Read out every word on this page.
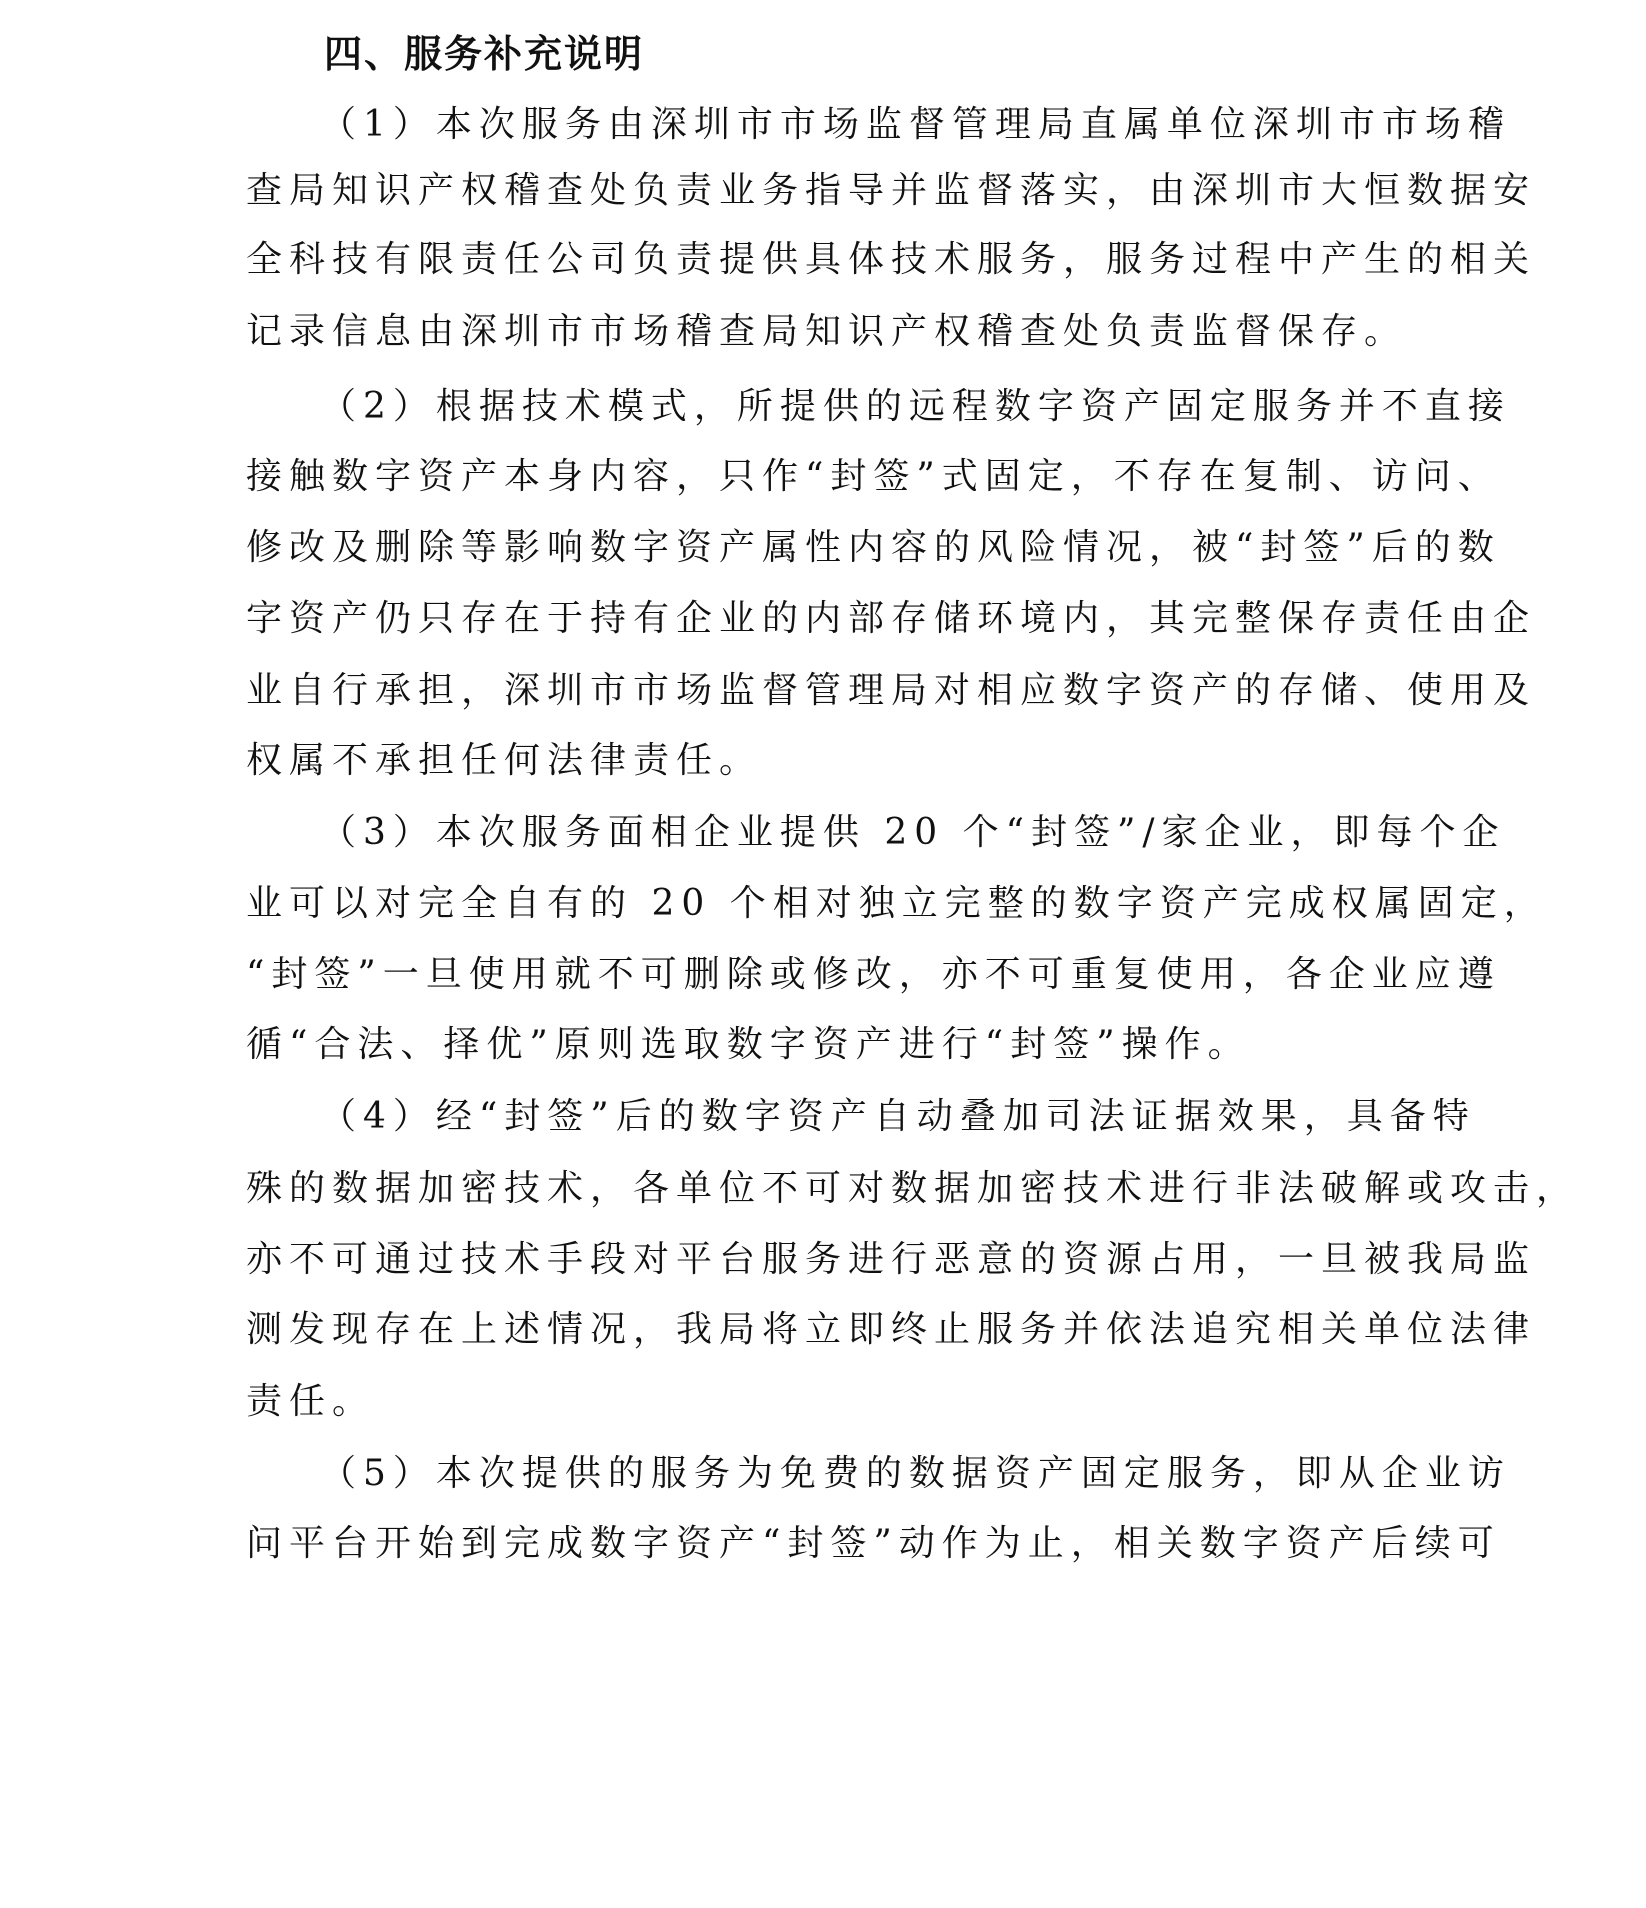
四、服务补充说明
（1）本次服务由深圳市市场监督管理局直属单位深圳市市场稽
查局知识产权稽查处负责业务指导并监督落实，由深圳市大恒数据安
全科技有限责任公司负责提供具体技术服务，服务过程中产生的相关
记录信息由深圳市市场稽查局知识产权稽查处负责监督保存。
（2）根据技术模式，所提供的远程数字资产固定服务并不直接
接触数字资产本身内容，只作“封签”式固定，不存在复制、访问、
修改及删除等影响数字资产属性内容的风险情况，被“封签”后的数
字资产仍只存在于持有企业的内部存储环境内，其完整保存责任由企
业自行承担，深圳市市场监督管理局对相应数字资产的存储、使用及
权属不承担任何法律责任。
（3）本次服务面相企业提供 20 个“封签”/家企业，即每个企
业可以对完全自有的 20 个相对独立完整的数字资产完成权属固定，
“封签”一旦使用就不可删除或修改，亦不可重复使用，各企业应遵
循“合法、择优”原则选取数字资产进行“封签”操作。
（4）经“封签”后的数字资产自动叠加司法证据效果，具备特
殊的数据加密技术，各单位不可对数据加密技术进行非法破解或攻击，
亦不可通过技术手段对平台服务进行恶意的资源占用，一旦被我局监
测发现存在上述情况，我局将立即终止服务并依法追究相关单位法律
责任。
（5）本次提供的服务为免费的数据资产固定服务，即从企业访
问平台开始到完成数字资产“封签”动作为止，相关数字资产后续可
